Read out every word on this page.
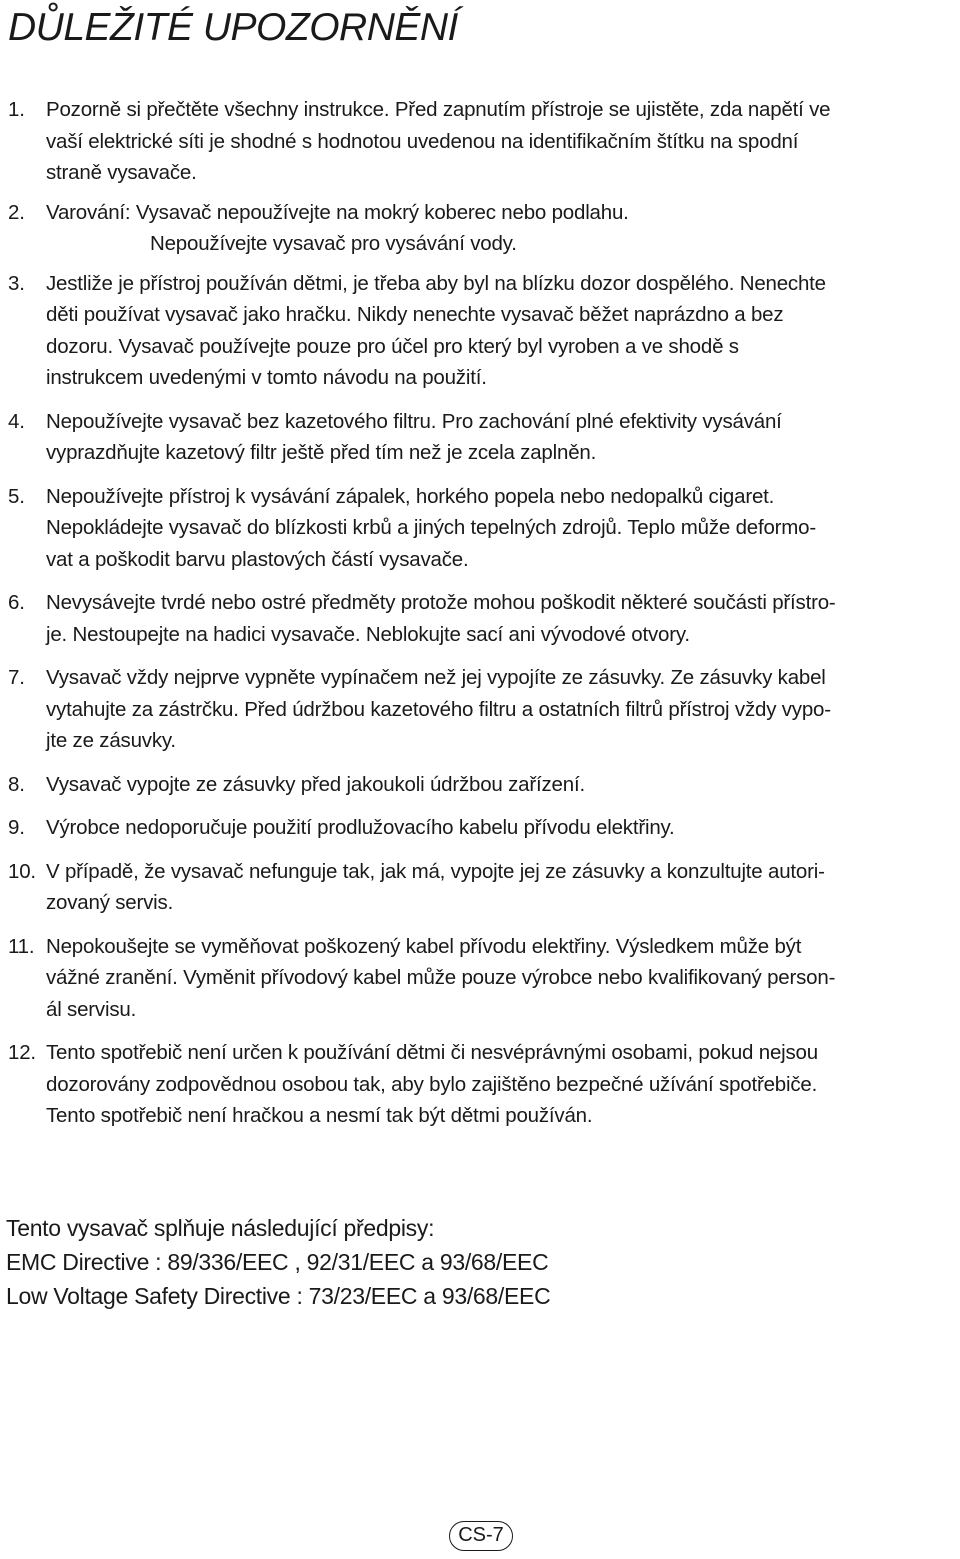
DŮLEŽITÉ UPOZORNĚNÍ
1.	Pozorně si přečtěte všechny instrukce. Před zapnutím přístroje se ujistěte, zda napětí ve
vaší elektrické síti je shodné s hodnotou uvedenou na identifikačním štítku na spodní
straně vysavače.
2.	Varování: Vysavač nepoužívejte na mokrý koberec nebo podlahu.
Nepoužívejte vysavač pro vysávání vody.
3.	Jestliže je přístroj používán dětmi, je třeba aby byl na blízku dozor dospělého. Nenechte
děti používat vysavač jako hračku. Nikdy nenechte vysavač běžet naprázdno a bez
dozoru. Vysavač používejte pouze pro účel pro který byl vyroben a ve shodě s
instrukcem uvedenými v tomto návodu na použití.
4.	Nepoužívejte vysavač bez kazetového filtru. Pro zachování plné efektivity vysávání
vyprazdňujte kazetový filtr ještě před tím než je zcela zaplněn.
5.	Nepoužívejte přístroj k vysávání zápalek, horkého popela nebo nedopalků cigaret.
Nepokládejte vysavač do blízkosti krbů a jiných tepelných zdrojů. Teplo může deformo-
vat a poškodit barvu plastových částí vysavače.
6.	Nevysávejte tvrdé nebo ostré předměty protože mohou poškodit některé součásti přístro-
je. Nestoupejte na hadici vysavače. Neblokujte sací ani vývodové otvory.
7.	Vysavač vždy nejprve vypněte vypínačem než jej vypojíte ze zásuvky. Ze zásuvky kabel
vytahujte za zástrčku. Před údržbou kazetového filtru a ostatních filtrů přístroj vždy vypo-
jte ze zásuvky.
8.	Vysavač vypojte ze zásuvky před jakoukoli údržbou zařízení.
9.	Výrobce nedoporučuje použití prodlužovacího kabelu přívodu elektřiny.
10. V případě, že vysavač nefunguje tak, jak má, vypojte jej ze zásuvky a konzultujte autori-
zovaný servis.
11. Nepokoušejte se vyměňovat poškozený kabel přívodu elektřiny. Výsledkem může být
vážné zranění. Vyměnit přívodový kabel může pouze výrobce nebo kvalifikovaný person-
ál servisu.
12. Tento spotřebič není určen k používání dětmi či nesvéprávnými osobami, pokud nejsou
dozorovány zodpovědnou osobou tak, aby bylo zajištěno bezpečné užívání spotřebiče.
Tento spotřebič není hračkou a nesmí tak být dětmi používán.
Tento vysavač splňuje následující předpisy:
EMC Directive : 89/336/EEC , 92/31/EEC a 93/68/EEC
Low Voltage Safety Directive : 73/23/EEC a 93/68/EEC
CS-7
